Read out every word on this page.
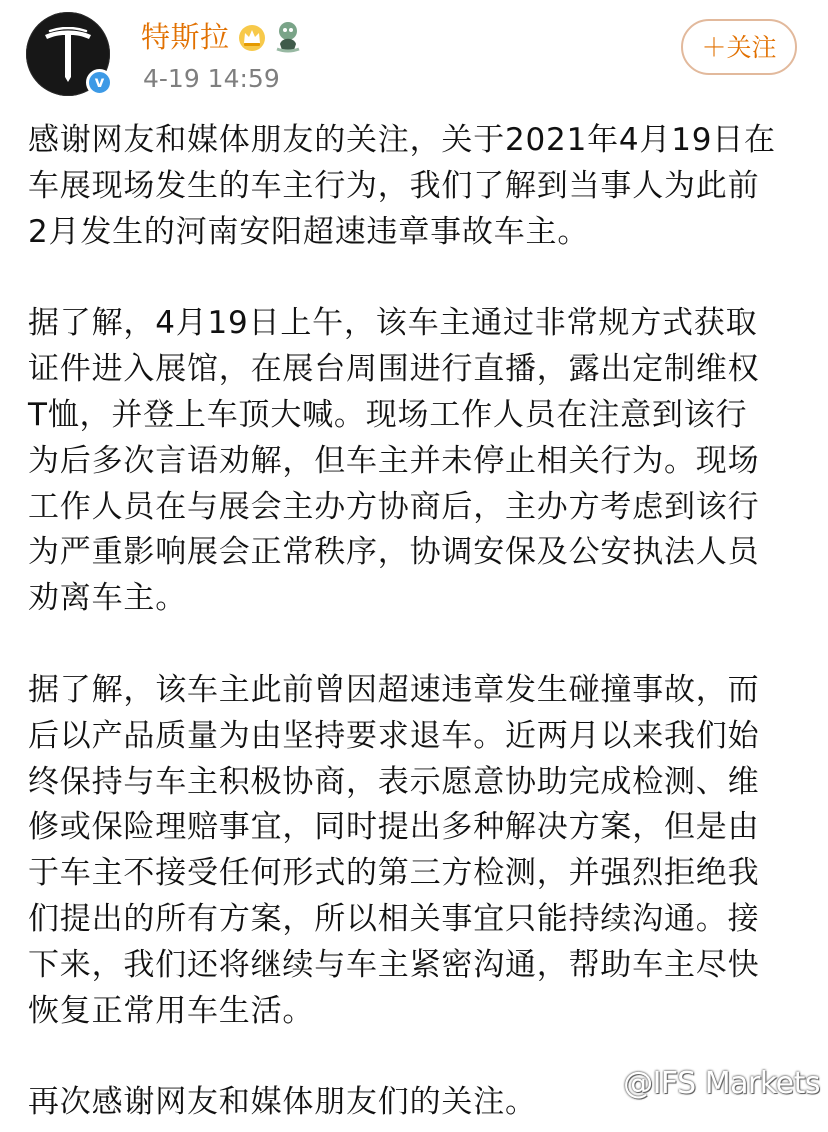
v
特斯拉
4-19 14:59
＋关注

感谢网友和媒体朋友的关注，关于2021年4月19日在
车展现场发生的车主行为，我们了解到当事人为此前
2月发生的河南安阳超速违章事故车主。

据了解，4月19日上午，该车主通过非常规方式获取
证件进入展馆，在展台周围进行直播，露出定制维权
T恤，并登上车顶大喊。现场工作人员在注意到该行
为后多次言语劝解，但车主并未停止相关行为。现场
工作人员在与展会主办方协商后，主办方考虑到该行
为严重影响展会正常秩序，协调安保及公安执法人员
劝离车主。

据了解，该车主此前曾因超速违章发生碰撞事故，而
后以产品质量为由坚持要求退车。近两月以来我们始
终保持与车主积极协商，表示愿意协助完成检测、维
修或保险理赔事宜，同时提出多种解决方案，但是由
于车主不接受任何形式的第三方检测，并强烈拒绝我
们提出的所有方案，所以相关事宜只能持续沟通。接
下来，我们还将继续与车主紧密沟通，帮助车主尽快
恢复正常用车生活。

再次感谢网友和媒体朋友们的关注。

@IFS Markets
